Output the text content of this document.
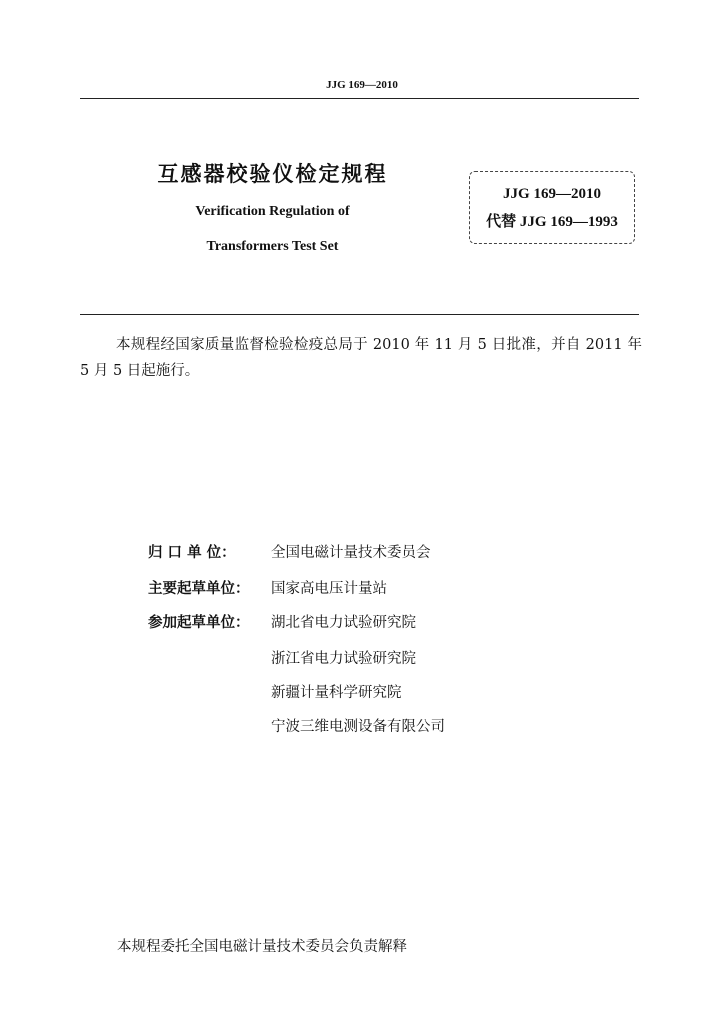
JJG 169—2010
互感器校验仪检定规程
Verification Regulation of
Transformers Test Set
JJG 169—2010
代替 JJG 169—1993
本规程经国家质量监督检验检疫总局于 2010 年 11 月 5 日批准，并自 2011 年 5 月 5 日起施行。
归 口 单 位： 全国电磁计量技术委员会
主要起草单位： 国家高电压计量站
参加起草单位： 湖北省电力试验研究院
浙江省电力试验研究院
新疆计量科学研究院
宁波三维电测设备有限公司
本规程委托全国电磁计量技术委员会负责解释
